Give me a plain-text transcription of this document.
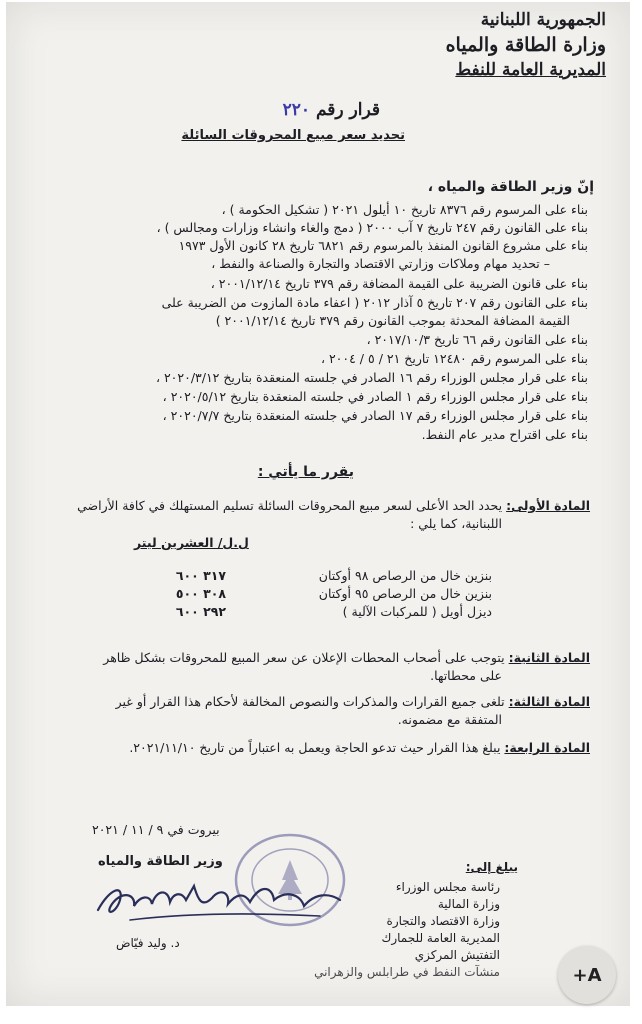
الجمهورية اللبنانية
وزارة الطاقة والمياه
المديرية العامة للنفط
قرار رقم ٢٢٠
تحديد سعر مبيع المحروقات السائلة
إنّ وزير الطاقة والمياه ،
بناء على المرسوم رقم ٨٣٧٦ تاريخ ١٠ أيلول ٢٠٢١ ( تشكيل الحكومة ) ،
بناء على القانون رقم ٢٤٧ تاريخ ٧ آب ٢٠٠٠ ( دمج والغاء وانشاء وزارات ومجالس ) ،
بناء على مشروع القانون المنفذ بالمرسوم رقم ٦٨٢١ تاريخ ٢٨ كانون الأول ١٩٧٣
– تحديد مهام وملاكات وزارتي الاقتصاد والتجارة والصناعة والنفط ،
بناء على قانون الضريبة على القيمة المضافة رقم ٣٧٩ تاريخ ٢٠٠١/١٢/١٤ ،
بناء على القانون رقم ٢٠٧ تاريخ ٥ آذار ٢٠١٢ ( اعفاء مادة المازوت من الضريبة على
القيمة المضافة المحدثة بموجب القانون رقم ٣٧٩ تاريخ ٢٠٠١/١٢/١٤ )
بناء على القانون رقم ٦٦ تاريخ ٢٠١٧/١٠/٣ ،
بناء على المرسوم رقم ١٢٤٨٠ تاريخ ٢١ / ٥ / ٢٠٠٤ ،
بناء على قرار مجلس الوزراء رقم ١٦ الصادر في جلسته المنعقدة بتاريخ ٢٠٢٠/٣/١٢ ،
بناء على قرار مجلس الوزراء رقم ١ الصادر في جلسته المنعقدة بتاريخ ٢٠٢٠/٥/١٢ ،
بناء على قرار مجلس الوزراء رقم ١٧ الصادر في جلسته المنعقدة بتاريخ ٢٠٢٠/٧/٧ ،
بناء على اقتراح مدير عام النفط.
يقرر ما يأتي :
المادة الأولى: يحدد الحد الأعلى لسعر مبيع المحروقات السائلة تسليم المستهلك في كافة الأراضي
اللبنانية، كما يلي :
ل.ل/ العشرين ليتر
بنزين خال من الرصاص ٩٨ أوكتان
٣١٧ ٦٠٠
بنزين خال من الرصاص ٩٥ أوكتان
٣٠٨ ٥٠٠
ديزل أويل ( للمركبات الآلية )
٢٩٢ ٦٠٠
المادة الثانية: يتوجب على أصحاب المحطات الإعلان عن سعر المبيع للمحروقات بشكل ظاهر
على محطاتها.
المادة الثالثة: تلغى جميع القرارات والمذكرات والنصوص المخالفة لأحكام هذا القرار أو غير
المتفقة مع مضمونه.
المادة الرابعة: يبلغ هذا القرار حيث تدعو الحاجة ويعمل به اعتباراً من تاريخ ٢٠٢١/١١/١٠.
بيروت في ٩ / ١١ / ٢٠٢١
وزير الطاقة والمياه
د. وليد فيّاض
يبلغ إلى:
رئاسة مجلس الوزراء
وزارة المالية
وزارة الاقتصاد والتجارة
المديرية العامة للجمارك
التفتيش المركزي
منشآت النفط في طرابلس والزهراني	+A
